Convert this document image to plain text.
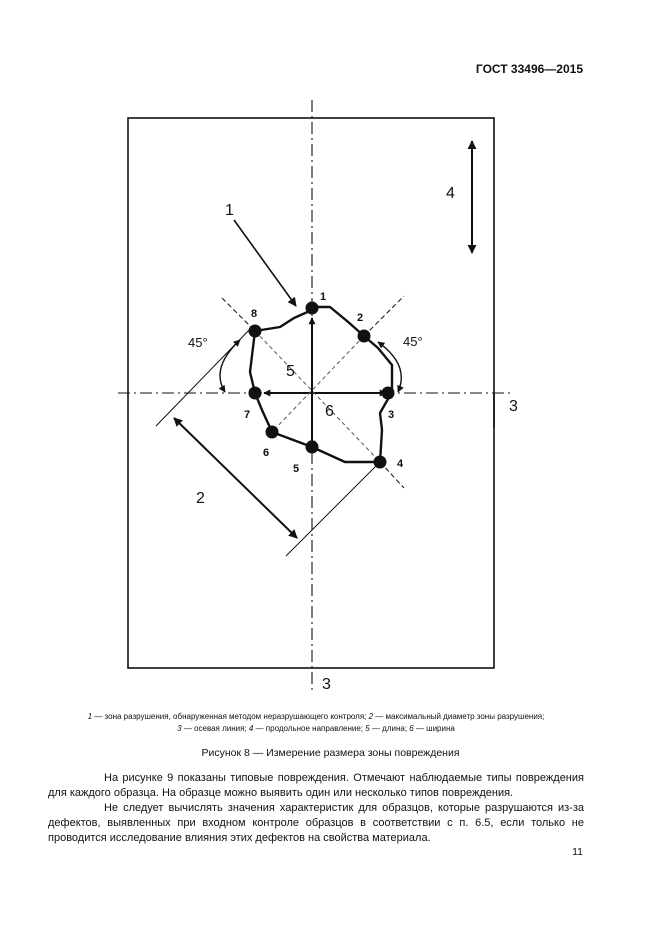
ГОСТ 33496—2015
1
2
3
4
5
6
7
8
1
2
3
3
4
5
6
45°	45°
1 — зона разрушения, обнаруженная методом неразрушающего контроля; 2 — максимальный диаметр зоны разрушения;
3 — осевая линия; 4 — продольное направление; 5 — длина; 6 — ширина
Рисунок 8 — Измерение размера зоны повреждения

На рисунке 9 показаны типовые повреждения. Отмечают наблюдаемые типы повреждения для каждого образца. На образце можно выявить один или несколько типов повреждения.

Не следует вычислять значения характеристик для образцов, которые разрушаются из-за дефектов, выявленных при входном контроле образцов в соответствии с п. 6.5, если только не проводится исследование влияния этих дефектов на свойства материала.

11
